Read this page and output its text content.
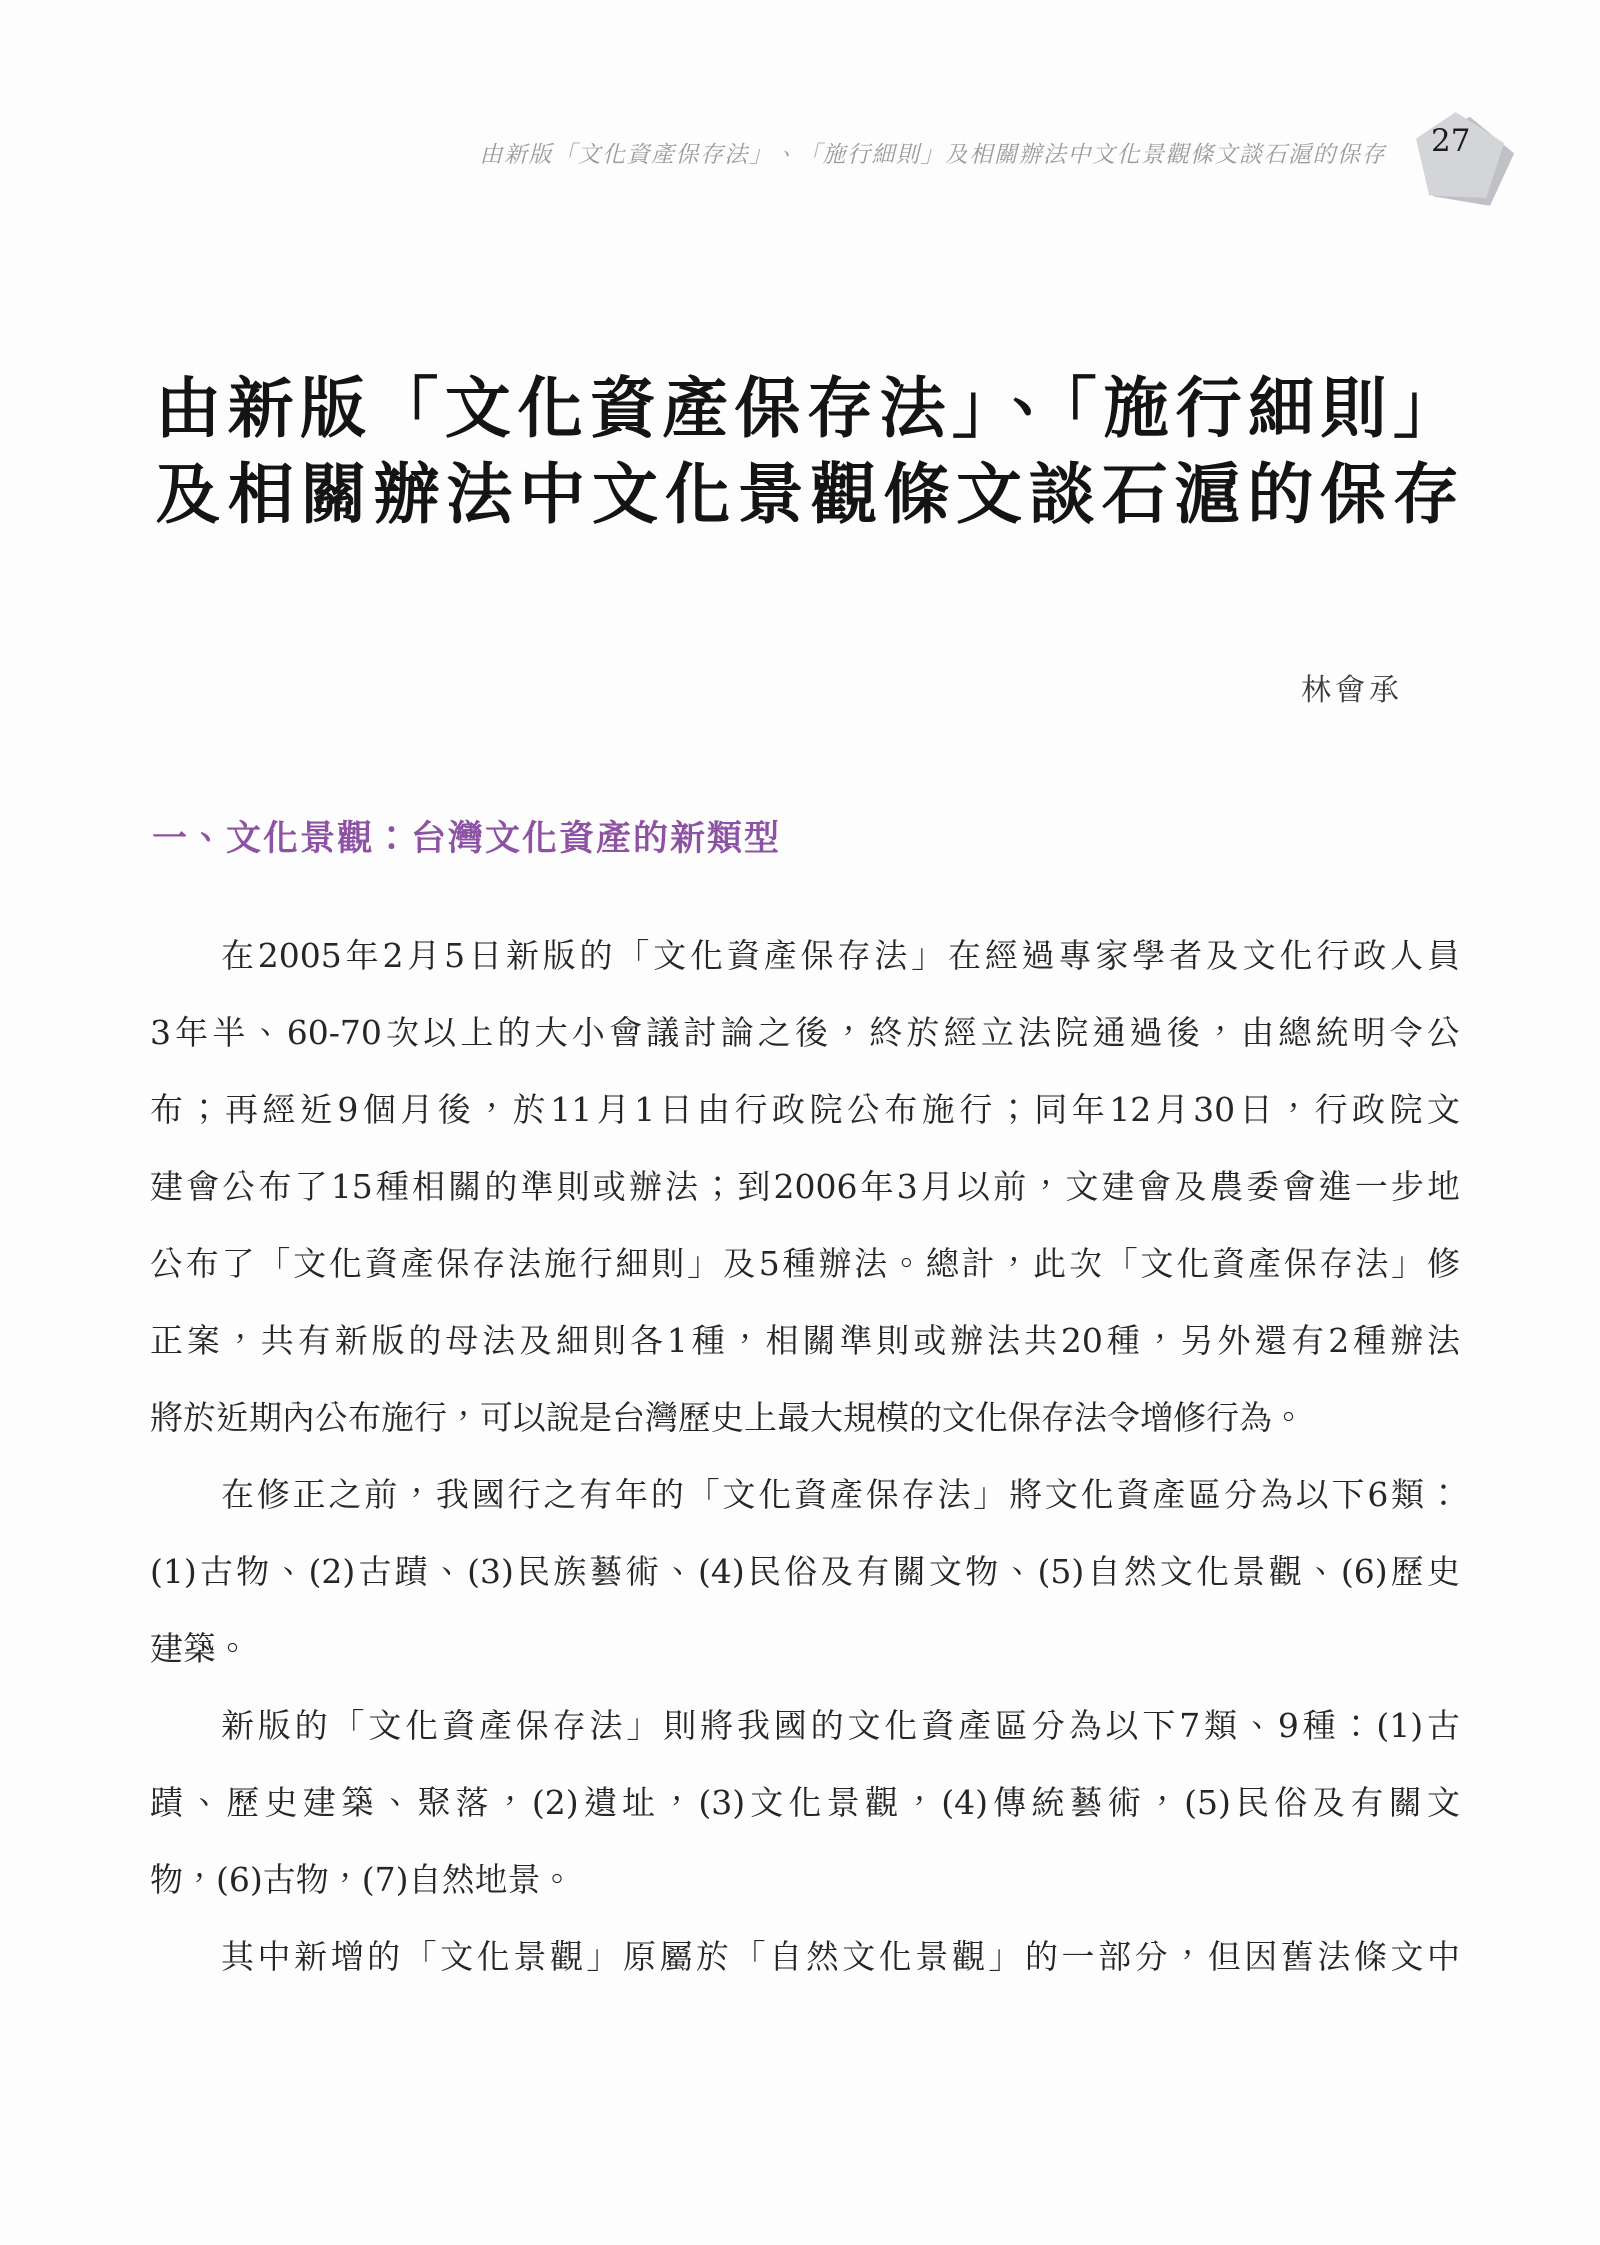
由新版「文化資產保存法」、「施行細則」及相關辦法中文化景觀條文談石滬的保存 27
由新版「文化資產保存法」、「施行細則」
及相關辦法中文化景觀條文談石滬的保存
林會承
一、文化景觀：台灣文化資產的新類型
在2005年2月5日新版的「文化資產保存法」在經過專家學者及文化行政人員
3年半、60-70次以上的大小會議討論之後，終於經立法院通過後，由總統明令公
布；再經近9個月後，於11月1日由行政院公布施行；同年12月30日，行政院文
建會公布了15種相關的準則或辦法；到2006年3月以前，文建會及農委會進一步地
公布了「文化資產保存法施行細則」及5種辦法。總計，此次「文化資產保存法」修
正案，共有新版的母法及細則各1種，相關準則或辦法共20種，另外還有2種辦法
將於近期內公布施行，可以說是台灣歷史上最大規模的文化保存法令增修行為。
在修正之前，我國行之有年的「文化資產保存法」將文化資產區分為以下6類：
(1)古物、(2)古蹟、(3)民族藝術、(4)民俗及有關文物、(5)自然文化景觀、(6)歷史
建築。
新版的「文化資產保存法」則將我國的文化資產區分為以下7類、9種：(1)古
蹟、歷史建築、聚落，(2)遺址，(3)文化景觀，(4)傳統藝術，(5)民俗及有關文
物，(6)古物，(7)自然地景。
其中新增的「文化景觀」原屬於「自然文化景觀」的一部分，但因舊法條文中
